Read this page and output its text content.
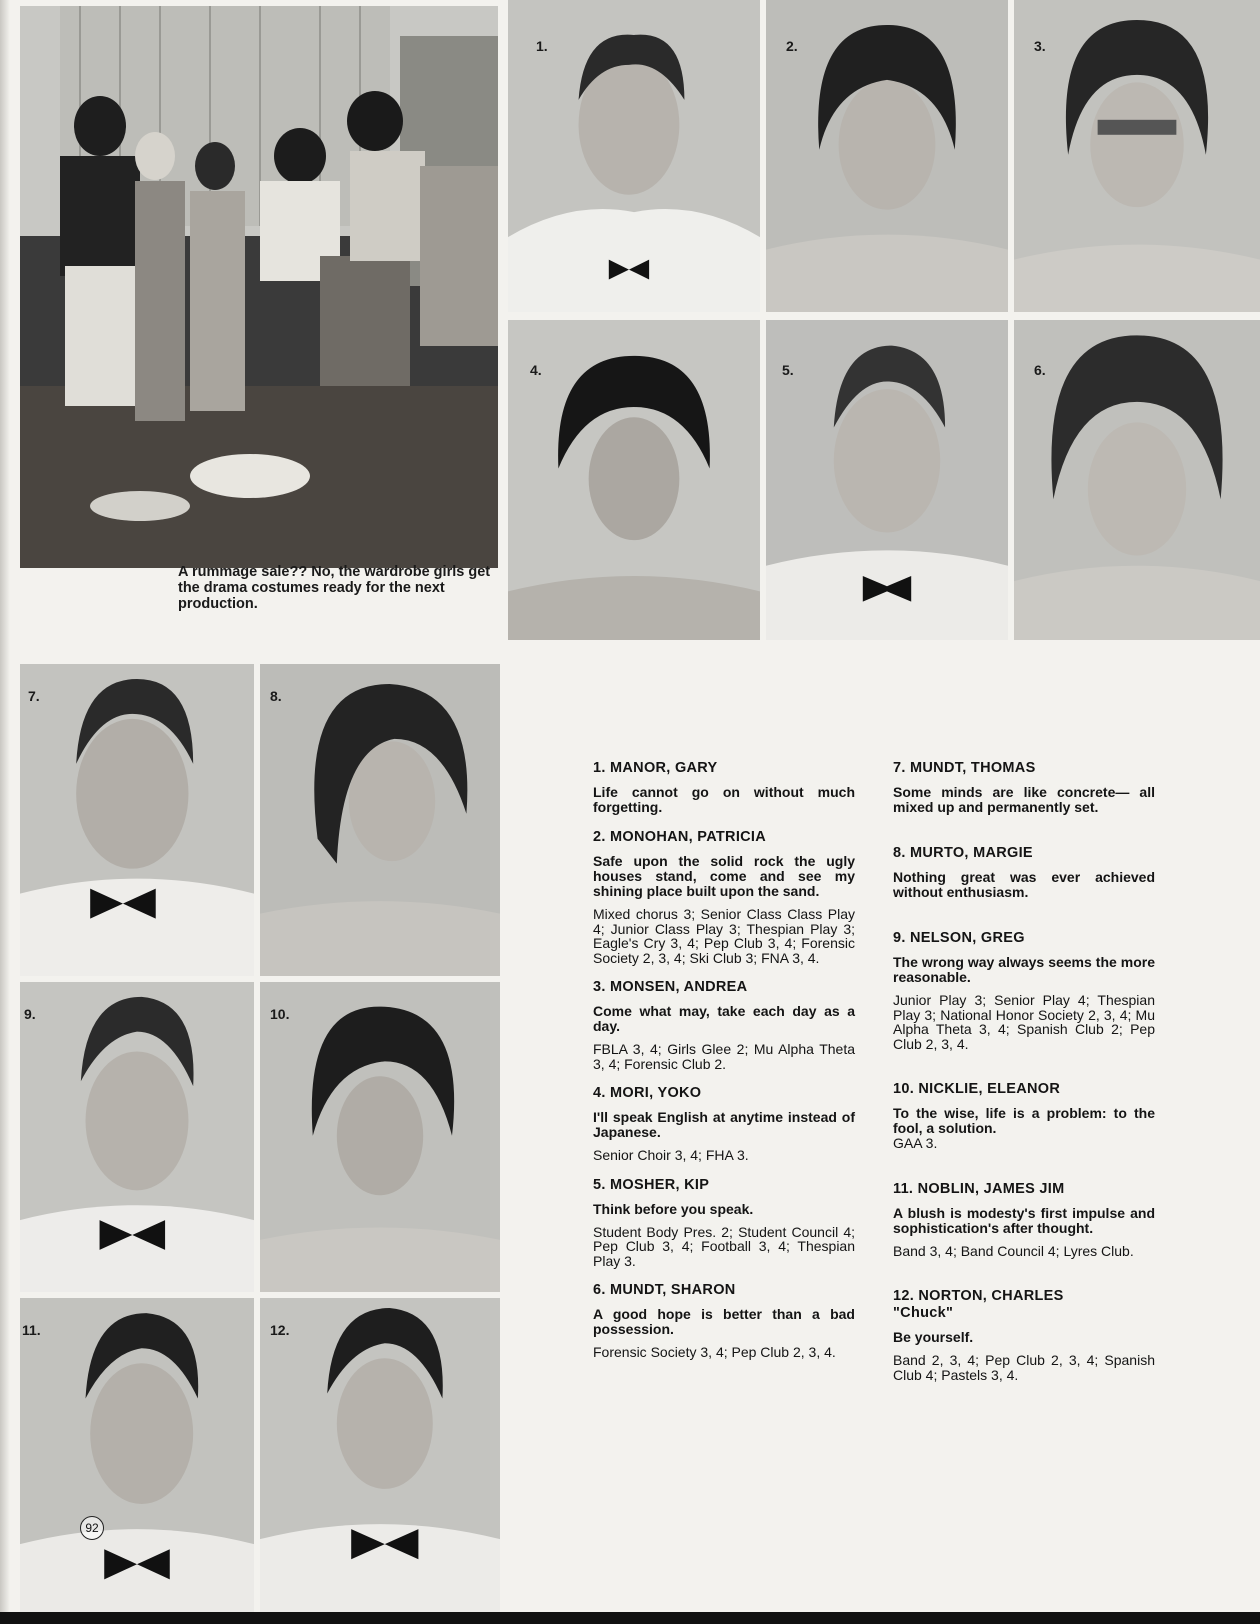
A rummage sale?? No, the wardrobe girls get the drama costumes ready for the next production.
1.	2.	3.
4.	5.	6.
7.	8.
9.	10.
11.
92
12.

1. MANOR, GARY

Life cannot go on without much forgetting.

2. MONOHAN, PATRICIA

Safe upon the solid rock the ugly houses stand, come and see my shining place built upon the sand.

Mixed chorus 3; Senior Class Class Play 4; Junior Class Play 3; Thespian Play 3; Eagle's Cry 3, 4; Pep Club 3, 4; Forensic Society 2, 3, 4; Ski Club 3; FNA 3, 4.

3. MONSEN, ANDREA

Come what may, take each day as a day.

FBLA 3, 4; Girls Glee 2; Mu Alpha Theta 3, 4; Forensic Club 2.

4. MORI, YOKO

I'll speak English at anytime instead of Japanese.

Senior Choir 3, 4; FHA 3.

5. MOSHER, KIP

Think before you speak.

Student Body Pres. 2; Student Council 4; Pep Club 3, 4; Football 3, 4; Thespian Play 3.

6. MUNDT, SHARON

A good hope is better than a bad possession.

Forensic Society 3, 4; Pep Club 2, 3, 4.

7. MUNDT, THOMAS

Some minds are like concrete— all mixed up and permanently set.

8. MURTO, MARGIE

Nothing great was ever achieved without enthusiasm.

9. NELSON, GREG

The wrong way always seems the more reasonable.

Junior Play 3; Senior Play 4; Thespian Play 3; National Honor Society 2, 3, 4; Mu Alpha Theta 3, 4; Spanish Club 2; Pep Club 2, 3, 4.

10. NICKLIE, ELEANOR

To the wise, life is a problem: to the fool, a solution.

GAA 3.

11. NOBLIN, JAMES JIM

A blush is modesty's first impulse and sophistication's after thought.

Band 3, 4; Band Council 4; Lyres Club.

12. NORTON, CHARLES "Chuck"

Be yourself.

Band 2, 3, 4; Pep Club 2, 3, 4; Spanish Club 4; Pastels 3, 4.
